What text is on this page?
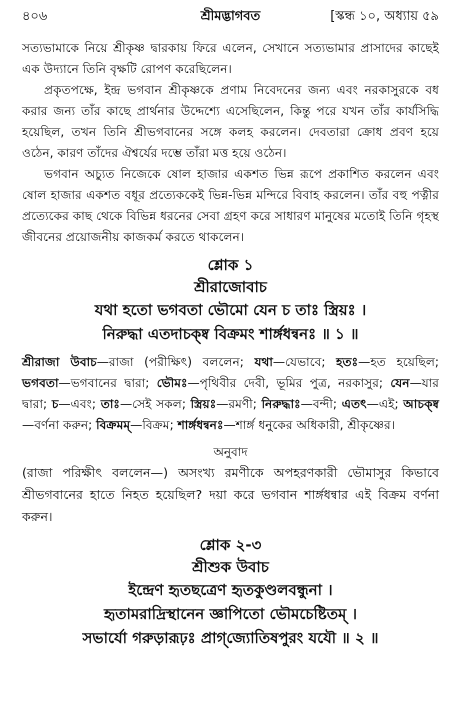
৪০৬	শ্রীমদ্ভাগবত	[স্কন্ধ ১০, অধ্যায় ৫৯

সত্যভামাকে নিয়ে শ্রীকৃষ্ণ দ্বারকায় ফিরে এলেন, সেখানে সত্যভামার প্রাসাদের কাছেই এক উদ্যানে তিনি বৃক্ষটি রোপণ করেছিলেন।

প্রকৃতপক্ষে, ইন্দ্র ভগবান শ্রীকৃষ্ণকে প্রণাম নিবেদনের জন্য এবং নরকাসুরকে বধ করার জন্য তাঁর কাছে প্রার্থনার উদ্দেশ্যে এসেছিলেন, কিন্তু পরে যখন তাঁর কার্যসিদ্ধি হয়েছিল, তখন তিনি শ্রীভগবানের সঙ্গে কলহ করলেন। দেবতারা ক্রোধ প্রবণ হয়ে ওঠেন, কারণ তাঁদের ঐশ্বর্যের দম্ভে তাঁরা মত্ত হয়ে ওঠেন।

ভগবান অচ্যুত নিজেকে ষোল হাজার একশত ভিন্ন রূপে প্রকাশিত করলেন এবং ষোল হাজার একশত বধূর প্রত্যেককেই ভিন্ন-ভিন্ন মন্দিরে বিবাহ করলেন। তাঁর বহু পত্নীর প্রত্যেকের কাছ থেকে বিভিন্ন ধরনের সেবা গ্রহণ করে সাধারণ মানুষের মতোই তিনি গৃহস্থ জীবনের প্রয়োজনীয় কাজকর্ম করতে থাকলেন।

শ্লোক ১
শ্রীরাজোবাচ
যথা হতো ভগবতা ভৌমো যেন চ তাঃ স্ত্রিয়ঃ ।
নিরুদ্ধা এতদাচক্ষ্ব বিক্রমং শার্ঙ্গধন্বনঃ ॥ ১ ॥
শ্রীরাজা উবাচ—রাজা (পরীক্ষিৎ) বললেন; যথা—যেভাবে; হতঃ—হত হয়েছিল; ভগবতা—ভগবানের দ্বারা; ভৌমঃ—পৃথিবীর দেবী, ভূমির পুত্র, নরকাসুর; যেন—যার দ্বারা; চ—এবং; তাঃ—সেই সকল; স্ত্রিয়ঃ—রমণী; নিরুদ্ধাঃ—বন্দী; এতৎ—এই; আচক্ষ্ব—বর্ণনা করুন; বিক্রমম্—বিক্রম; শার্ঙ্গধন্বনঃ—শার্ঙ্গ ধনুকের অধিকারী, শ্রীকৃষ্ণের।
অনুবাদ
(রাজা পরিক্ষীৎ বললেন—) অসংখ্য রমণীকে অপহরণকারী ভৌমাসুর কিভাবে শ্রীভগবানের হাতে নিহত হয়েছিল? দয়া করে ভগবান শার্ঙ্গধন্বার এই বিক্রম বর্ণনা করুন।
শ্লোক ২-৩
শ্রীশুক উবাচ
ইন্দ্রেণ হৃতছত্রেণ হৃতকুণ্ডলবন্ধুনা ।
হৃতামরাদ্রিস্থানেন জ্ঞাপিতো ভৌমচেষ্টিতম্ ।
সভার্যো গরুড়ারূঢ়ঃ প্রাগ্‌জ্যোতিষপুরং যযৌ ॥ ২ ॥
